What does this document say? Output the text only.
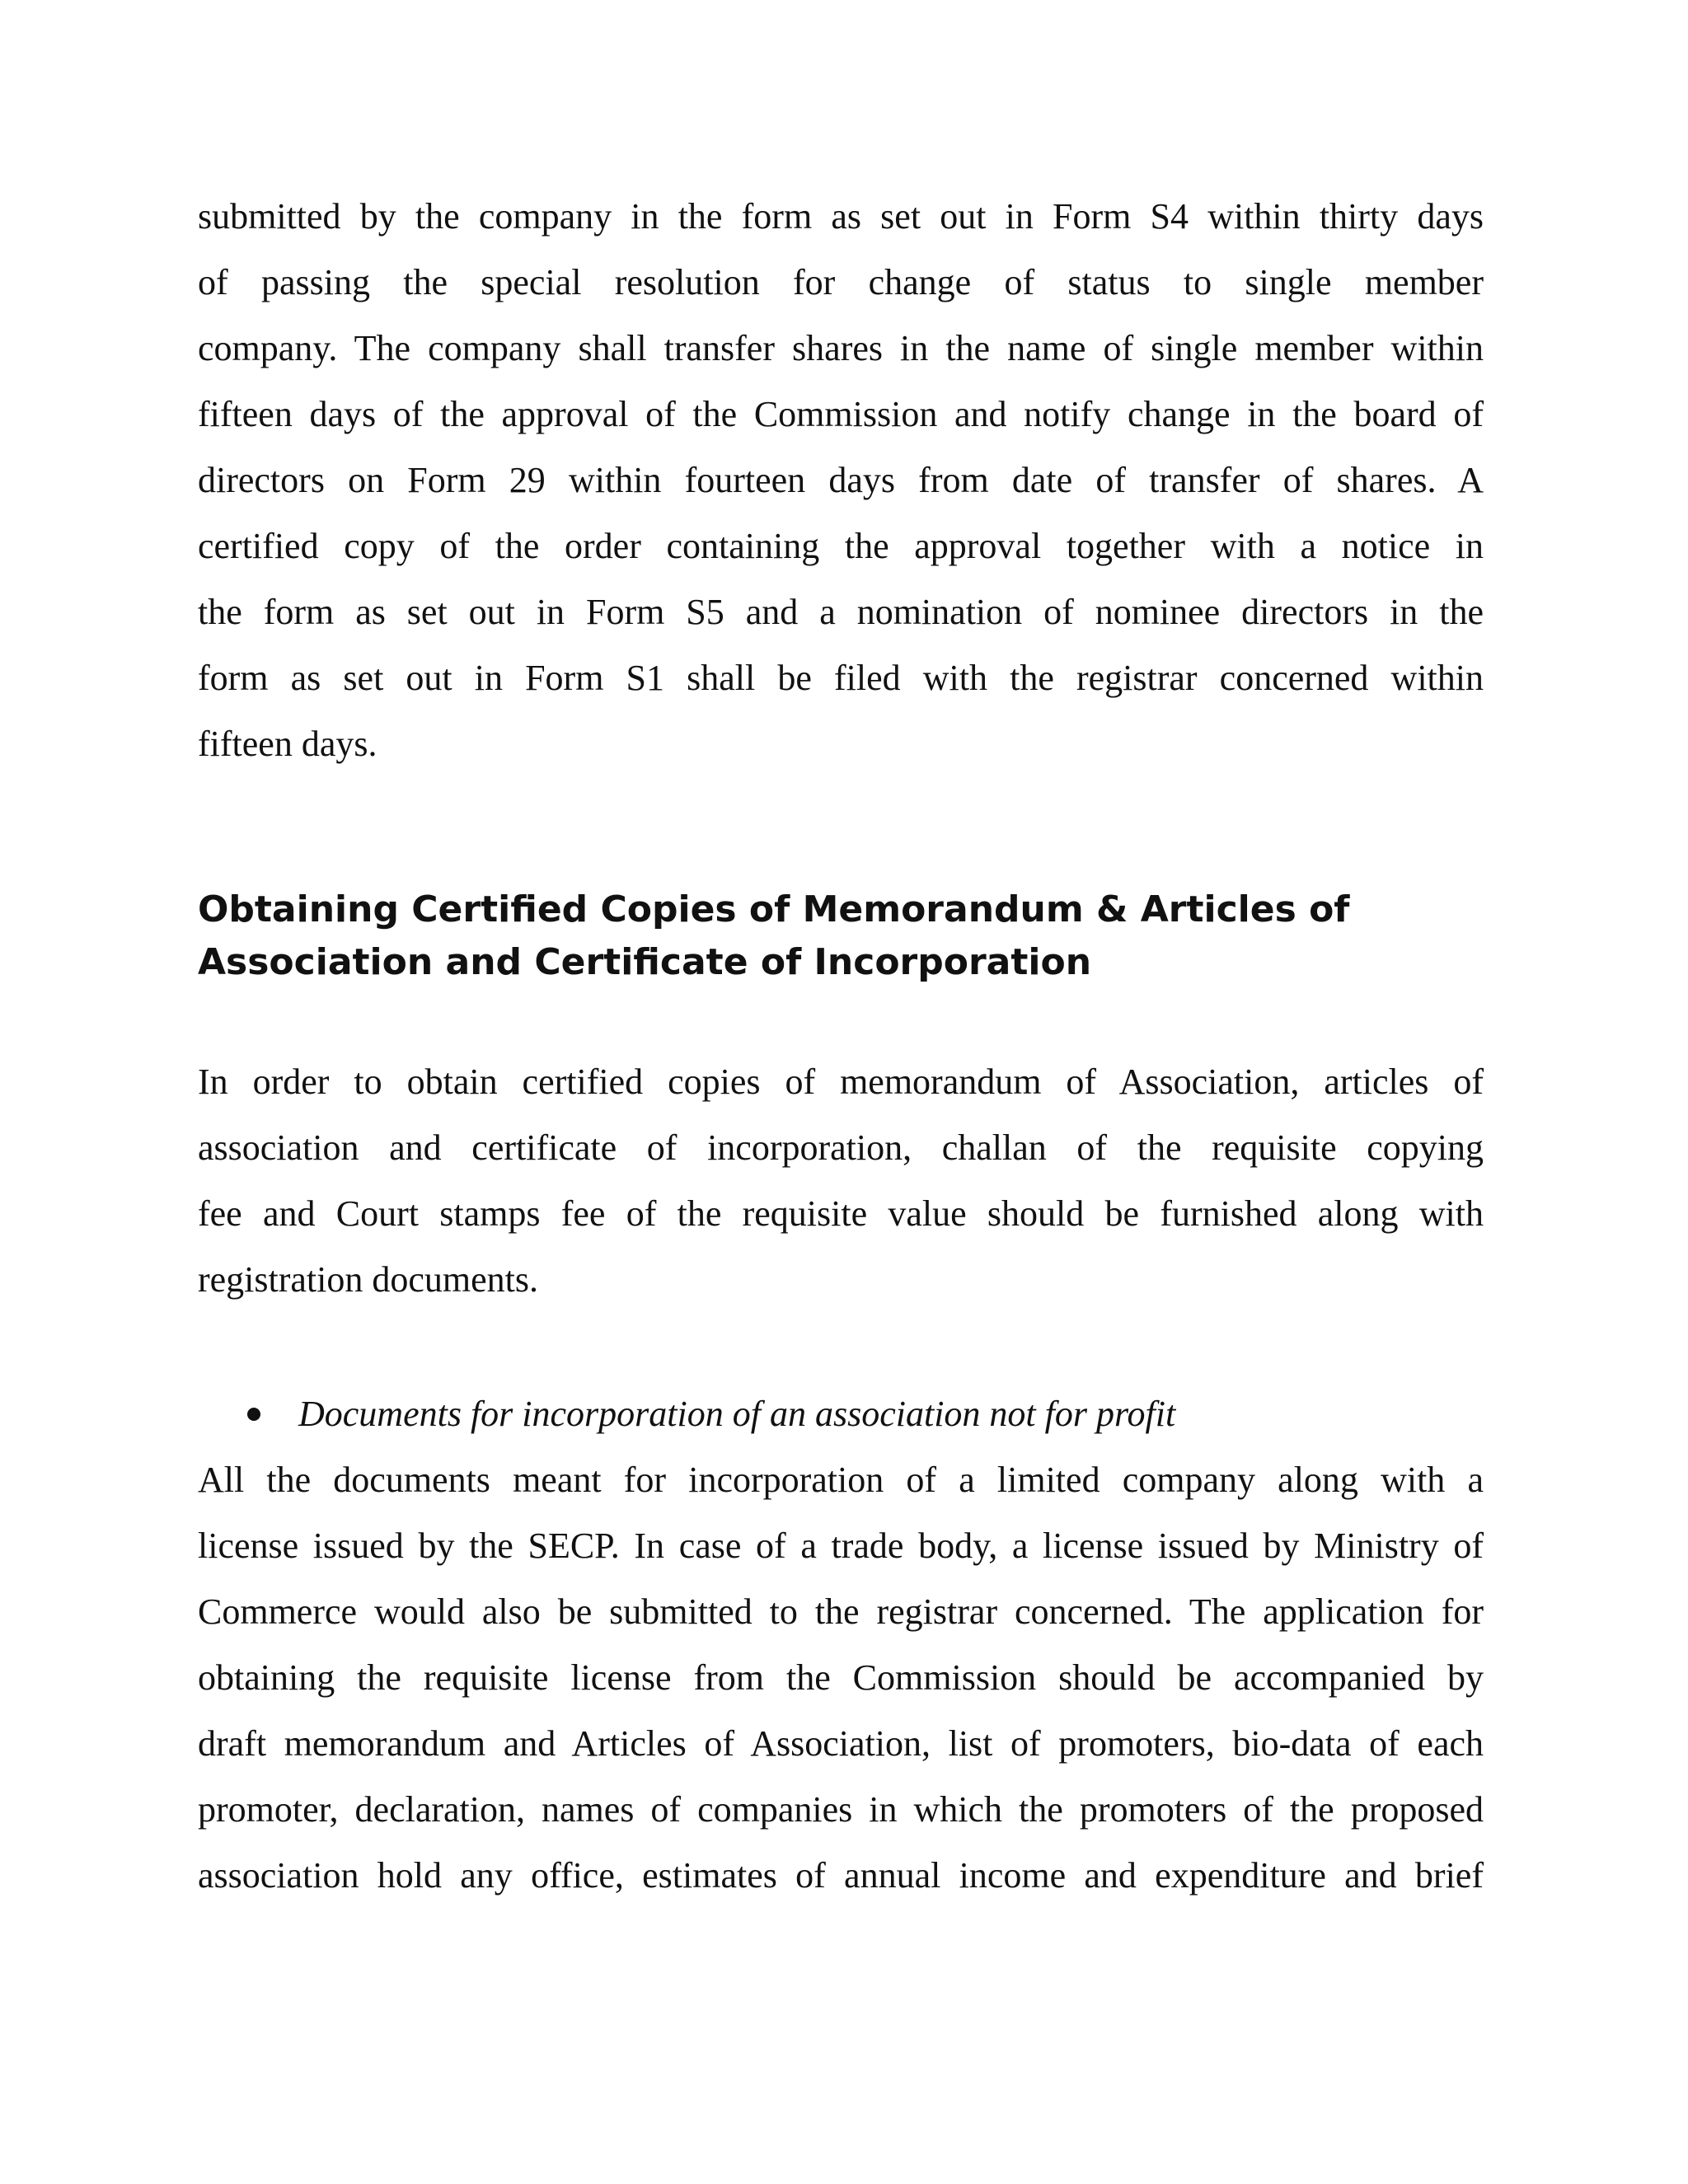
submitted by the company in the form as set out in Form S4 within thirty days
of passing the special resolution for change of status to single member
company. The company shall transfer shares in the name of single member within
fifteen days of the approval of the Commission and notify change in the board of
directors on Form 29 within fourteen days from date of transfer of shares. A
certified copy of the order containing the approval together with a notice in
the form as set out in Form S5 and a nomination of nominee directors in the
form as set out in Form S1 shall be filed with the registrar concerned within
fifteen days.
Obtaining Certified Copies of Memorandum & Articles of
Association and Certificate of Incorporation
In order to obtain certified copies of memorandum of Association, articles of
association and certificate of incorporation, challan of the requisite copying
fee and Court stamps fee of the requisite value should be furnished along with
registration documents.
Documents for incorporation of an association not for profit
All the documents meant for incorporation of a limited company along with a
license issued by the SECP. In case of a trade body, a license issued by Ministry of
Commerce would also be submitted to the registrar concerned. The application for
obtaining the requisite license from the Commission should be accompanied by
draft memorandum and Articles of Association, list of promoters, bio-data of each
promoter, declaration, names of companies in which the promoters of the proposed
association hold any office, estimates of annual income and expenditure and brief
